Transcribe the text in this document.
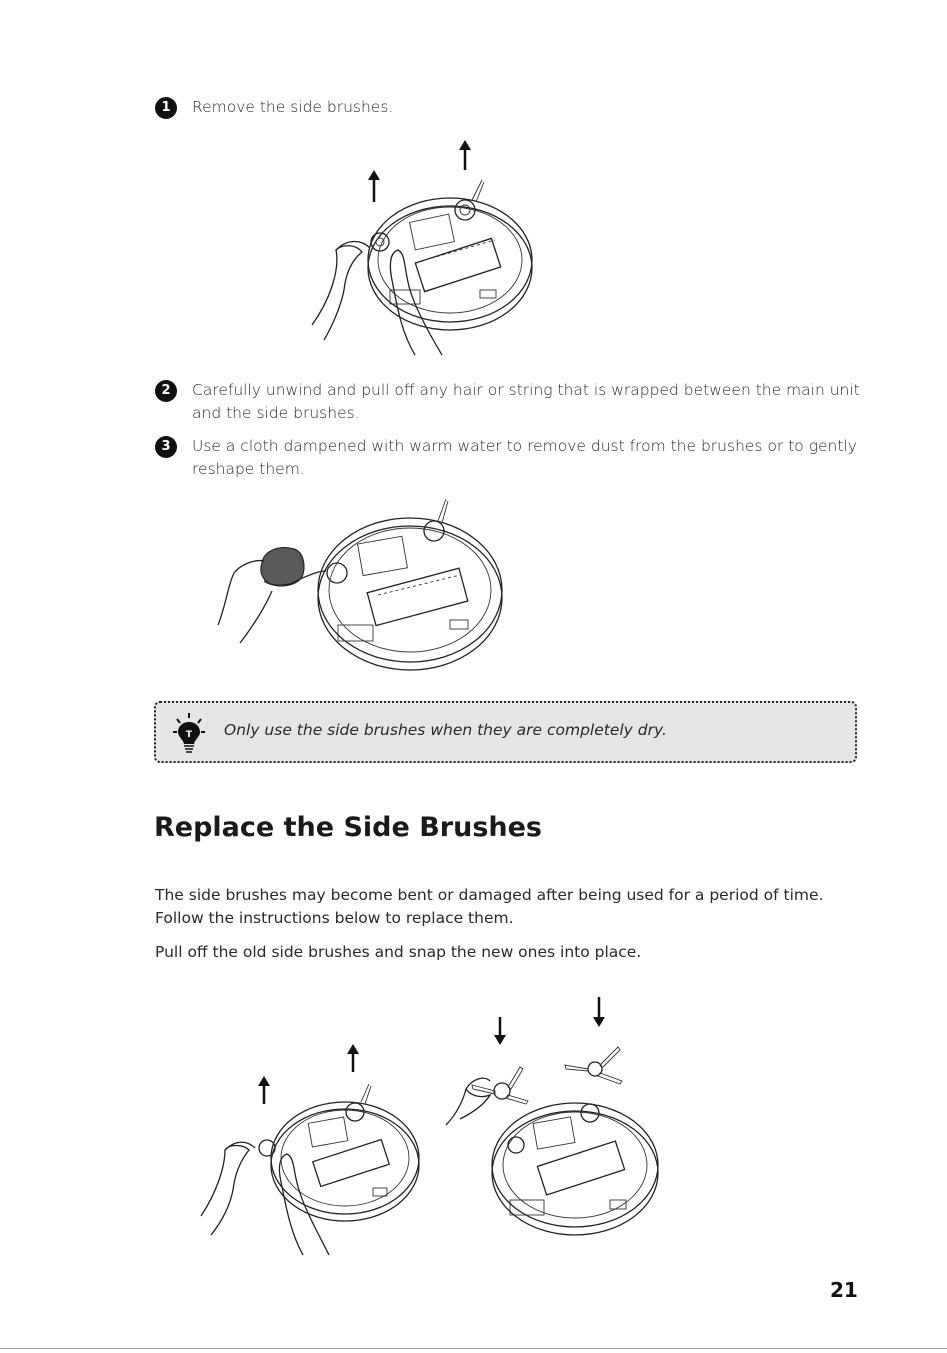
1	Remove the side brushes.
2	Carefully unwind and pull off any hair or string that is wrapped between the main unit and the side brushes.
3	Use a cloth dampened with warm water to remove dust from the brushes or to gently reshape them.
T Only use the side brushes when they are completely dry.
Replace the Side Brushes
The side brushes may become bent or damaged after being used for a period of time. Follow the instructions below to replace them.
Pull off the old side brushes and snap the new ones into place.
21
